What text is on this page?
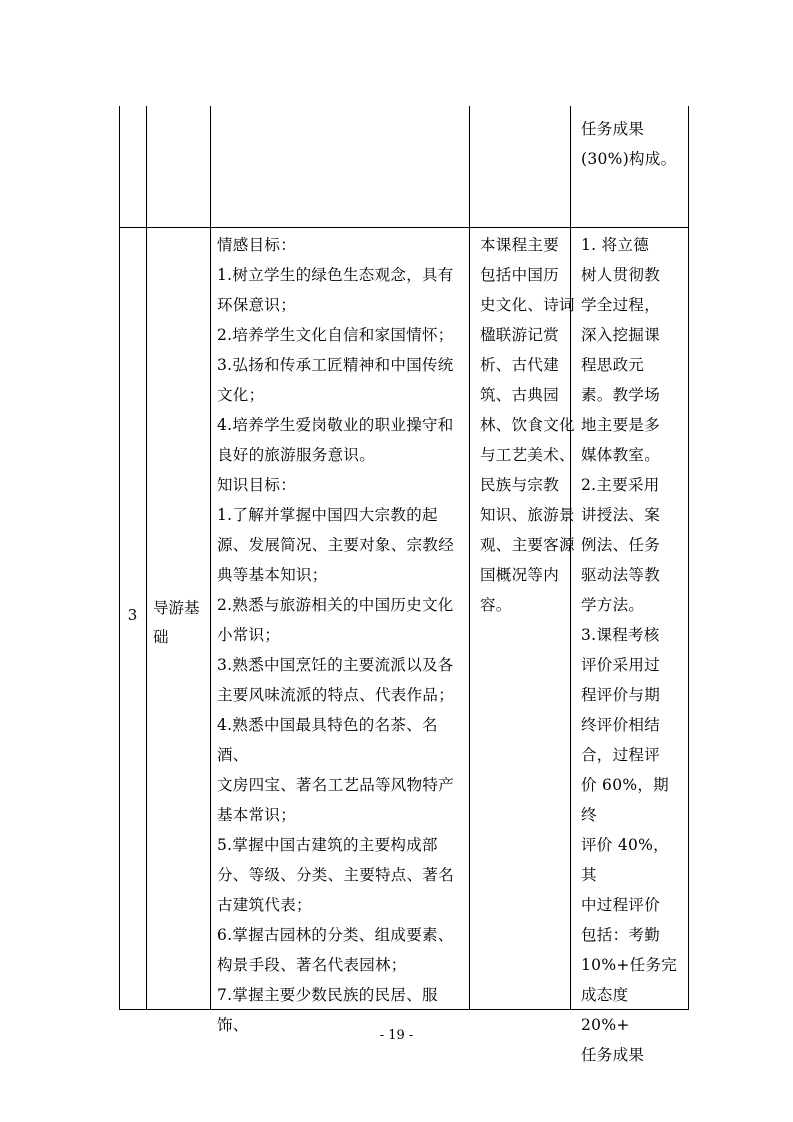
任务成果
(30%)构成。
3	导游基
础
情感目标：
1.树立学生的绿色生态观念，具有
环保意识；
2.培养学生文化自信和家国情怀；
3.弘扬和传承工匠精神和中国传统
文化；
4.培养学生爱岗敬业的职业操守和
良好的旅游服务意识。
知识目标：
1.了解并掌握中国四大宗教的起
源、发展简况、主要对象、宗教经
典等基本知识；
2.熟悉与旅游相关的中国历史文化
小常识；
3.熟悉中国烹饪的主要流派以及各
主要风味流派的特点、代表作品；
4.熟悉中国最具特色的名茶、名酒、
文房四宝、著名工艺品等风物特产
基本常识；
5.掌握中国古建筑的主要构成部
分、等级、分类、主要特点、著名
古建筑代表；
6.掌握古园林的分类、组成要素、
构景手段、著名代表园林；
7.掌握主要少数民族的民居、服饰、
本课程主要
包括中国历
史文化、诗词
楹联游记赏
析、古代建
筑、古典园
林、饮食文化
与工艺美术、
民族与宗教
知识、旅游景
观、主要客源
国概况等内
容。
1. 将立德
树人贯彻教
学全过程，
深入挖掘课
程思政元
素。教学场
地主要是多
媒体教室。
2.主要采用
讲授法、案
例法、任务
驱动法等教
学方法。
3.课程考核
评价采用过
程评价与期
终评价相结
合，过程评
价 60%，期终
评价 40%，其
中过程评价
包括：考勤
10%+任务完
成态度 20%+
任务成果
- 19 -
